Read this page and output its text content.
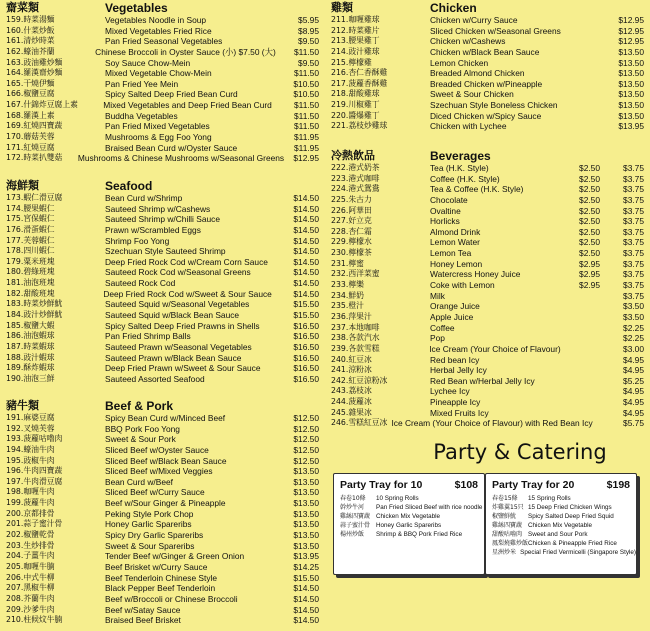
齋菜類	Vegetables
159.時菜湯麵	Vegetables Noodle in Soup	$5.95
160.什菜炒飯	Mixed Vegetables Fried Rice	$8.95
161.清炒時菜	Pan Fried Seasonal Vegetables	$9.50
162.蠔油芥蘭	Chinese Broccoli in Oyster Sauce (小) $7.50 (大)	$11.50
163.豉油雞炒麵	Soy Sauce Chow-Mein	$9.50
164.羅漢齋炒麵	Mixed Vegetable Chow-Mein	$11.50
165.干燒伊麵	Pan Fried Yee Mein	$10.50
166.椒鹽豆腐	Spicy Salted Deep Fried Bean Curd	$10.50
167.什錦炸豆腐上素	Mixed Vegetables and Deep Fried Bean Curd	$11.50
168.羅漢上素	Buddha Vegetables	$11.50
169.紅燒四寶蔬	Pan Fried Mixed Vegetables	$11.50
170.蘑菇芙蓉	Mushrooms & Egg Foo Yong	$11.95
171.紅燒豆腐	Braised Bean Curd w/Oyster Sauce	$11.95
172.時菜扒雙菇	Mushrooms & Chinese Mushrooms w/Seasonal Greens	$12.95
海鮮類	Seafood
173.蝦仁滑豆腐	Bean Curd w/Shrimp	$14.50
174.腰果蝦仁	Sauteed Shrimp w/Cashews	$14.50
175.宮保蝦仁	Sauteed Shrimp w/Chilli Sauce	$14.50
176.滑蛋蝦仁	Prawn w/Scrambled Eggs	$14.50
177.芙蓉蝦仁	Shrimp Foo Yong	$14.50
178.四川蝦仁	Szechuan Style Sauteed Shrimp	$14.50
179.粟米班塊	Deep Fried Rock Cod w/Cream Corn Sauce	$14.50
180.碧綠班塊	Sauteed Rock Cod w/Seasonal Greens	$14.50
181.油泡班塊	Sauteed Rock Cod	$14.50
182.甜酸班塊	Deep Fried Rock Cod w/Sweet & Sour Sauce	$14.50
183.時菜炒鮮魷	Sauteed Squid w/Seasonal Vegetables	$15.50
184.豉汁炒鮮魷	Sauteed Squid w/Black Bean Sauce	$15.50
185.椒鹽大蝦	Spicy Salted Deep Fried Prawns in Shells	$16.50
186.油泡蝦球	Pan Fried Shrimp Balls	$16.50
187.時菜蝦球	Sauteed Prawn w/Seasonal Vegetables	$16.50
188.豉汁蝦球	Sauteed Prawn w/Black Bean Sauce	$16.50
189.酥炸蝦球	Deep Fried Prawn w/Sweet & Sour Sauce	$16.50
190.油泡三鮮	Sauteed Assorted Seafood	$16.50
豬牛類	Beef & Pork
191.麻婆豆腐	Spicy Bean Curd w/Minced Beef	$12.50
192.叉燒芙蓉	BBQ Pork Foo Yong	$12.50
193.菠蘿咕嚕肉	Sweet & Sour Pork	$12.50
194.蠔油牛肉	Sliced Beef w/Oyster Sauce	$12.50
195.豉椒牛肉	Sliced Beef w/Black Bean Sauce	$12.50
196.牛肉四寶蔬	Sliced Beef w/Mixed Veggies	$13.50
197.牛肉滑豆腐	Bean Curd w/Beef	$13.50
198.咖喱牛肉	Sliced Beef w/Curry Sauce	$13.50
199.菠蘿牛肉	Beef w/Sour Ginger & Pineapple	$13.50
200.京都排骨	Peking Style Pork Chop	$13.50
201.蒜子蜜汁骨	Honey Garlic Spareribs	$13.50
202.椒鹽乾骨	Spicy Dry Garlic Spareribs	$13.50
203.生炒排骨	Sweet & Sour Spareribs	$13.50
204.子薑牛肉	Tender Beef w/Ginger & Green Onion	$13.95
205.咖喱牛腩	Beef Brisket w/Curry Sauce	$14.25
206.中式牛柳	Beef Tenderloin Chinese Style	$15.50
207.黑椒牛柳	Black Pepper Beef Tenderloin	$14.50
208.芥蘭牛肉	Beef w/Broccoli or Chinese Broccoli	$14.50
209.沙爹牛肉	Beef w/Satay Sauce	$14.50
210.柱候炆牛腩	Braised Beef Brisket	$14.50
雞類	Chicken
211.咖喱雞球	Chicken w/Curry Sauce	$12.95
212.時菜雞片	Sliced Chicken w/Seasonal Greens	$12.95
213.腰果雞丁	Chicken w/Cashews	$12.95
214.豉汁雞球	Chicken w/Black Bean Sauce	$13.50
215.檸檬雞	Lemon Chicken	$13.50
216.杏仁香酥雞	Breaded Almond Chicken	$13.50
217.菠蘿香酥雞	Breaded Chicken w/Pineapple	$13.50
218.甜酸雞球	Sweet & Sour Chicken	$13.50
219.川椒雞丁	Szechuan Style Boneless Chicken	$13.50
220.醬爆雞丁	Diced Chicken w/Spicy Sauce	$13.50
221.荔枝炒雞球	Chicken with Lychee	$13.95
冷熱飲品	Beverages
222.港式奶茶	Tea (H.K. Style)	$2.50	$3.75
223.港式咖啡	Coffee (H.K. Style)	$2.50	$3.75
224.港式鴛鴦	Tea & Coffee (H.K. Style)	$2.50	$3.75
225.朱古力	Chocolate	$2.50	$3.75
226.阿華田	Ovaltine	$2.50	$3.75
227.好立克	Horlicks	$2.50	$3.75
228.杏仁霜	Almond Drink	$2.50	$3.75
229.檸檬水	Lemon Water	$2.50	$3.75
230.檸檬茶	Lemon Tea	$2.50	$3.75
231.檸蜜	Honey Lemon	$2.95	$3.75
232.西洋菜蜜	Watercress Honey Juice	$2.95	$3.75
233.檸樂	Coke with Lemon	$2.95	$3.75
234.鮮奶	Milk	$3.75
235.橙汁	Orange Juice	$3.50
236.萍果汁	Apple Juice	$3.50
237.本地咖啡	Coffee	$2.25
238.各款汽水	Pop	$2.25
239.各款雪糕	Ice Cream (Your Choice of Flavour)	$3.00
240.紅豆冰	Red bean Icy	$4.95
241.涼粉冰	Herbal Jelly Icy	$4.95
242.紅豆涼粉冰	Red Bean w/Herbal Jelly Icy	$5.25
243.荔枝冰	Lychee Icy	$4.95
244.菠蘿冰	Pineapple Icy	$4.95
245.雜果冰	Mixed Fruits Icy	$4.95
246.雪糕紅豆冰 Ice Cream (Your Choice of Flavour) with Red Bean Icy	$5.75
Party & Catering
Party Tray for 10	$108
春卷10條	10 Spring Rolls
幹炒牛河	Pan Fried Sliced Beef with rice noodle
雞絲四寶蔬 Chicken Mix Vegetable
蒜子蜜汁骨 Honey Garlic Spareribs
楊州炒飯	Shrimp & BBQ Pork Fried Rice
Party Tray for 20	$198
春卷15條	15 Spring Rolls
炸雞翼15只 15 Deep Fried Chicken Wings
椒鹽鮮魷	Spicy Salted Deep Fried Squid
雞絲四寶蔬 Chicken Mix Vegetable
甜酸咕嚕肉 Sweet and Sour Pork
鳳梨燒雞炒飯 Chicken & Pineapple Fried Rice
星洲炒米 Special Fried Vermicelli (Singapore Style)
